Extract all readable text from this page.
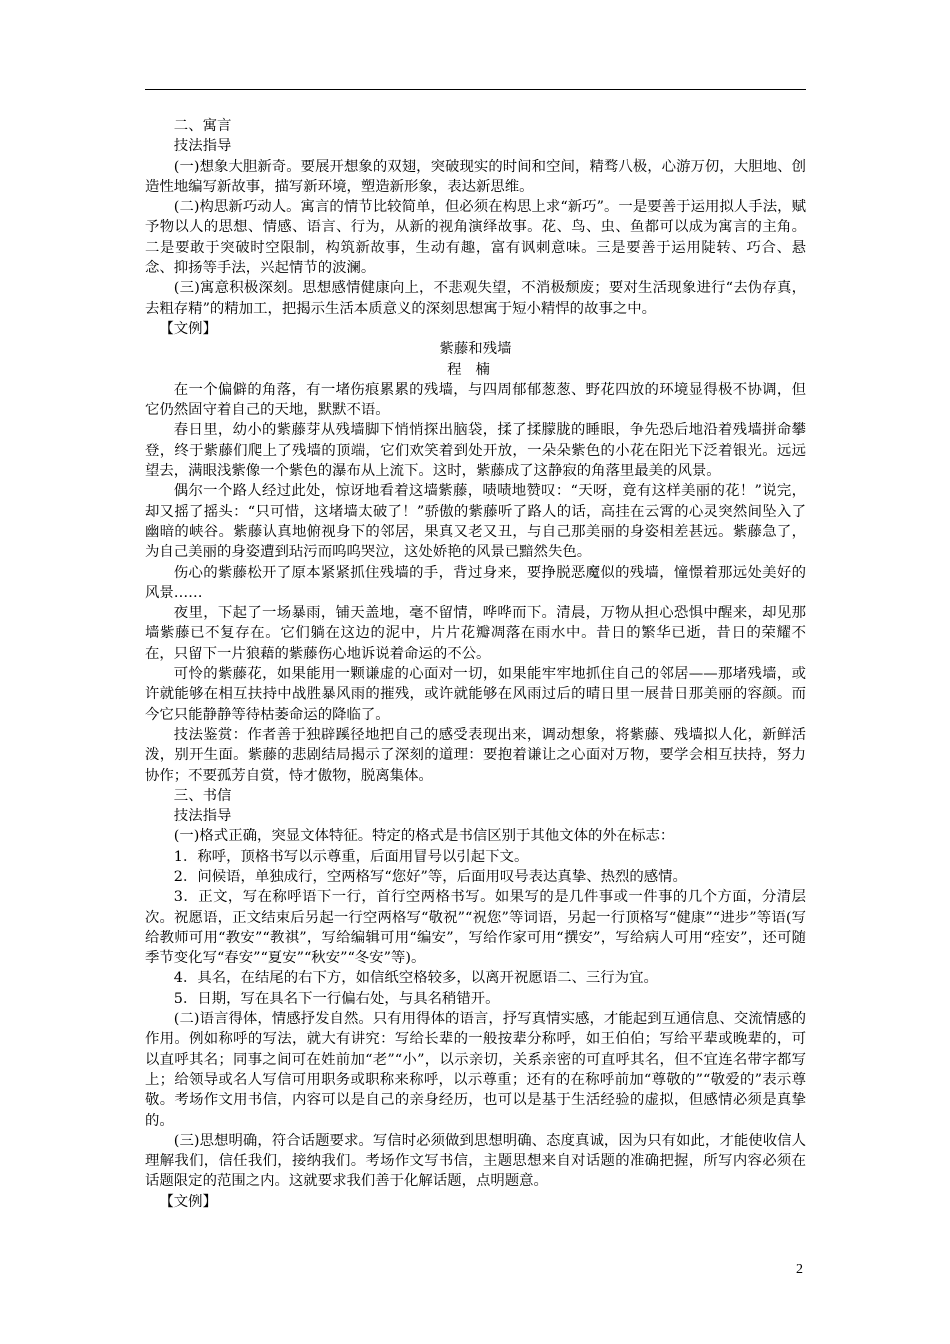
二、寓言

技法指导

(一)想象大胆新奇。要展开想象的双翅，突破现实的时间和空间，精骛八极，心游万仞，大胆地、创造性地编写新故事，描写新环境，塑造新形象，表达新思维。

(二)构思新巧动人。寓言的情节比较简单，但必须在构思上求“新巧”。一是要善于运用拟人手法，赋予物以人的思想、情感、语言、行为，从新的视角演绎故事。花、鸟、虫、鱼都可以成为寓言的主角。二是要敢于突破时空限制，构筑新故事，生动有趣，富有讽刺意味。三是要善于运用陡转、巧合、悬念、抑扬等手法，兴起情节的波澜。

(三)寓意积极深刻。思想感情健康向上，不悲观失望，不消极颓废；要对生活现象进行“去伪存真，去粗存精”的精加工，把揭示生活本质意义的深刻思想寓于短小精悍的故事之中。

【文例】

紫藤和残墙

程楠

在一个偏僻的角落，有一堵伤痕累累的残墙，与四周郁郁葱葱、野花四放的环境显得极不协调，但它仍然固守着自己的天地，默默不语。

春日里，幼小的紫藤芽从残墙脚下悄悄探出脑袋，揉了揉朦胧的睡眼，争先恐后地沿着残墙拼命攀登，终于紫藤们爬上了残墙的顶端，它们欢笑着到处开放，一朵朵紫色的小花在阳光下泛着银光。远远望去，满眼浅紫像一个紫色的瀑布从上流下。这时，紫藤成了这静寂的角落里最美的风景。

偶尔一个路人经过此处，惊讶地看着这墙紫藤，啧啧地赞叹：“天呀，竟有这样美丽的花！”说完，却又摇了摇头：“只可惜，这堵墙太破了！”骄傲的紫藤听了路人的话，高挂在云霄的心灵突然间坠入了幽暗的峡谷。紫藤认真地俯视身下的邻居，果真又老又丑，与自己那美丽的身姿相差甚远。紫藤急了，为自己美丽的身姿遭到玷污而呜呜哭泣，这处娇艳的风景已黯然失色。

伤心的紫藤松开了原本紧紧抓住残墙的手，背过身来，要挣脱恶魔似的残墙，憧憬着那远处美好的风景……

夜里，下起了一场暴雨，铺天盖地，毫不留情，哗哗而下。清晨，万物从担心恐惧中醒来，却见那墙紫藤已不复存在。它们躺在这边的泥中，片片花瓣凋落在雨水中。昔日的繁华已逝，昔日的荣耀不在，只留下一片狼藉的紫藤伤心地诉说着命运的不公。

可怜的紫藤花，如果能用一颗谦虚的心面对一切，如果能牢牢地抓住自己的邻居——那堵残墙，或许就能够在相互扶持中战胜暴风雨的摧残，或许就能够在风雨过后的晴日里一展昔日那美丽的容颜。而今它只能静静等待枯萎命运的降临了。

技法鉴赏：作者善于独辟蹊径地把自己的感受表现出来，调动想象，将紫藤、残墙拟人化，新鲜活泼，别开生面。紫藤的悲剧结局揭示了深刻的道理：要抱着谦让之心面对万物，要学会相互扶持，努力协作；不要孤芳自赏，恃才傲物，脱离集体。

三、书信

技法指导

(一)格式正确，突显文体特征。特定的格式是书信区别于其他文体的外在标志：

1．称呼，顶格书写以示尊重，后面用冒号以引起下文。

2．问候语，单独成行，空两格写“您好”等，后面用叹号表达真挚、热烈的感情。

3．正文，写在称呼语下一行，首行空两格书写。如果写的是几件事或一件事的几个方面，分清层次。祝愿语，正文结束后另起一行空两格写“敬祝”“祝您”等词语，另起一行顶格写“健康”“进步”等语(写给教师可用“教安”“教祺”，写给编辑可用“编安”，写给作家可用“撰安”，写给病人可用“痊安”，还可随季节变化写“春安”“夏安”“秋安”“冬安”等)。

4．具名，在结尾的右下方，如信纸空格较多，以离开祝愿语二、三行为宜。

5．日期，写在具名下一行偏右处，与具名稍错开。

(二)语言得体，情感抒发自然。只有用得体的语言，抒写真情实感，才能起到互通信息、交流情感的作用。例如称呼的写法，就大有讲究：写给长辈的一般按辈分称呼，如王伯伯；写给平辈或晚辈的，可以直呼其名；同事之间可在姓前加“老”“小”，以示亲切，关系亲密的可直呼其名，但不宜连名带字都写上；给领导或名人写信可用职务或职称来称呼，以示尊重；还有的在称呼前加“尊敬的”“敬爱的”表示尊敬。考场作文用书信，内容可以是自己的亲身经历，也可以是基于生活经验的虚拟，但感情必须是真挚的。

(三)思想明确，符合话题要求。写信时必须做到思想明确、态度真诚，因为只有如此，才能使收信人理解我们，信任我们，接纳我们。考场作文写书信，主题思想来自对话题的准确把握，所写内容必须在话题限定的范围之内。这就要求我们善于化解话题，点明题意。

【文例】

2
